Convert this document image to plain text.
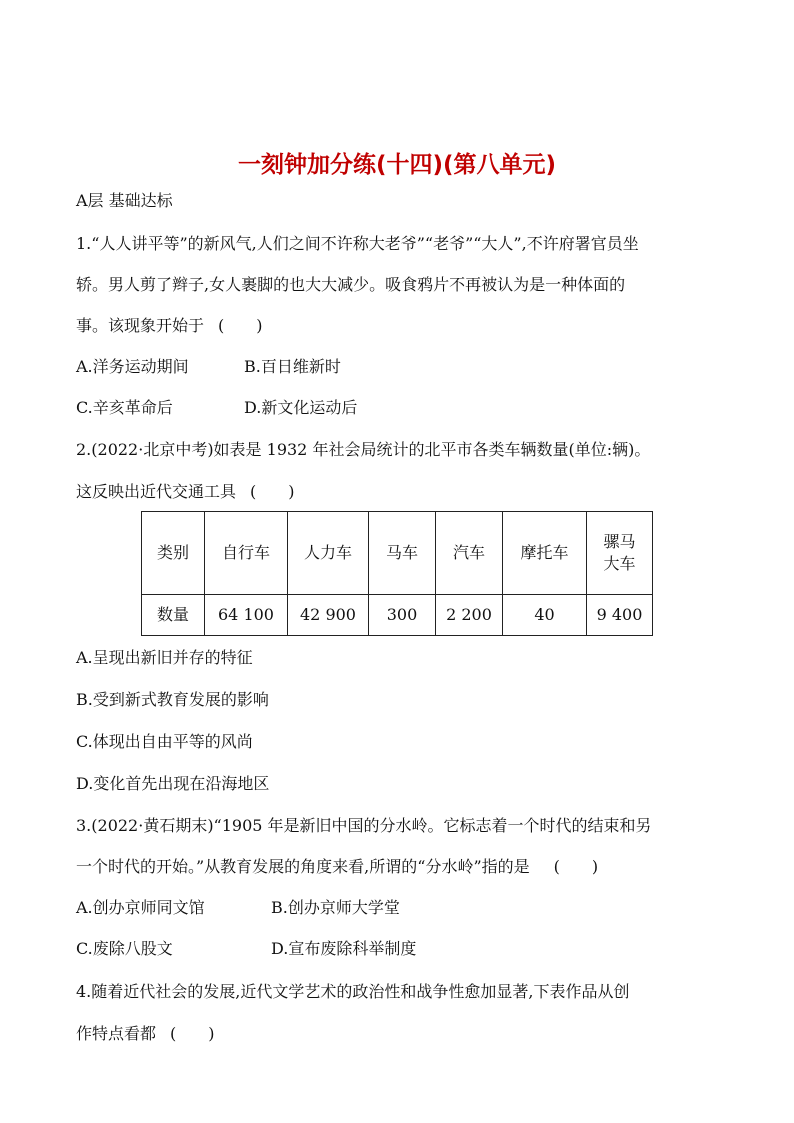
一刻钟加分练(十四)(第八单元)
A层 基础达标
1.“人人讲平等”的新风气,人们之间不许称大老爷”“老爷”“大人”,不许府署官员坐
轿。男人剪了辫子,女人裹脚的也大大减少。吸食鸦片不再被认为是一种体面的
事。该现象开始于 (　　)
A.洋务运动期间	B.百日维新时
C.辛亥革命后	D.新文化运动后
2.(2022·北京中考)如表是 1932 年社会局统计的北平市各类车辆数量(单位:辆)。
这反映出近代交通工具 (　　)
类别	自行车	人力车	马车	汽车	摩托车	骡马大车
数量	64 100	42 900	300	2 200	40	9 400
A.呈现出新旧并存的特征
B.受到新式教育发展的影响
C.体现出自由平等的风尚
D.变化首先出现在沿海地区
3.(2022·黄石期末)“1905 年是新旧中国的分水岭。它标志着一个时代的结束和另
一个时代的开始。”从教育发展的角度来看,所谓的“分水岭”指的是 (　　)
A.创办京师同文馆	B.创办京师大学堂
C.废除八股文	D.宣布废除科举制度
4.随着近代社会的发展,近代文学艺术的政治性和战争性愈加显著,下表作品从创
作特点看都 (　　)
